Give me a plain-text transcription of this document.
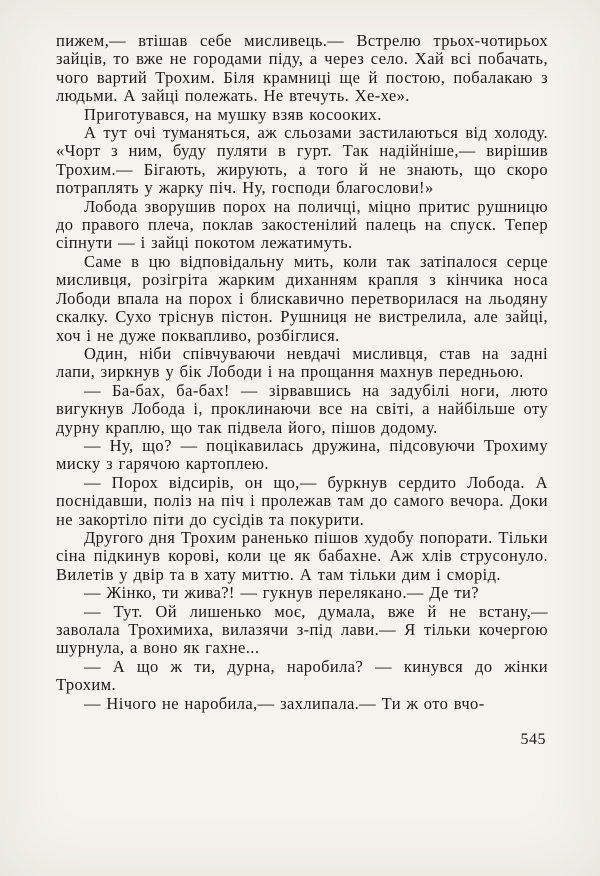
пижем,— втішав себе мисливець.— Встрелю трьох-чотирьох зайців, то вже не городами піду, а через село. Хай всі побачать, чого вартий Трохим. Біля крамниці ще й постою, побалакаю з людьми. А зайці полежать. Не втечуть. Хе-хе».

Приготувався, на мушку взяв косооких.

А тут очі туманяться, аж сльозами застилаються від холоду. «Чорт з ним, буду пуляти в гурт. Так надійніше,— вирішив Трохим.— Бігають, жирують, а того й не знають, що скоро потраплять у жарку піч. Ну, господи благослови!»

Лобода зворушив порох на поличці, міцно притис рушницю до правого плеча, поклав закостенілий палець на спуск. Тепер сіпнути — і зайці покотом лежатимуть.

Саме в цю відповідальну мить, коли так затіпалося серце мисливця, розігріта жарким диханням крапля з кінчика носа Лободи впала на порох і блискавично перетворилася на льодяну скалку. Сухо тріснув пістон. Рушниця не вистрелила, але зайці, хоч і не дуже поквапливо, розбіглися.

Один, ніби співчуваючи невдачі мисливця, став на задні лапи, зиркнув у бік Лободи і на прощання махнув передньою.

— Ба-бах, ба-бах! — зірвавшись на задубілі ноги, люто вигукнув Лобода і, проклинаючи все на світі, а найбільше оту дурну краплю, що так підвела його, пішов додому.

— Ну, що? — поцікавилась дружина, підсовуючи Трохиму миску з гарячою картоплею.

— Порох відсирів, он що,— буркнув сердито Лобода. А поснідавши, поліз на піч і пролежав там до самого вечора. Доки не закортіло піти до сусідів та покурити.

Другого дня Трохим раненько пішов худобу попорати. Тільки сіна підкинув корові, коли це як бабахне. Аж хлів струсонуло. Вилетів у двір та в хату миттю. А там тільки дим і сморід.

— Жінко, ти жива?! — гукнув перелякано.— Де ти?

— Тут. Ой лишенько моє, думала, вже й не встану,— заволала Трохимиха, вилазячи з-під лави.— Я тільки кочергою шурнула, а воно як гахне...

— А що ж ти, дурна, наробила? — кинувся до жінки Трохим.

— Нічого не наробила,— захлипала.— Ти ж ото вчо-

545
